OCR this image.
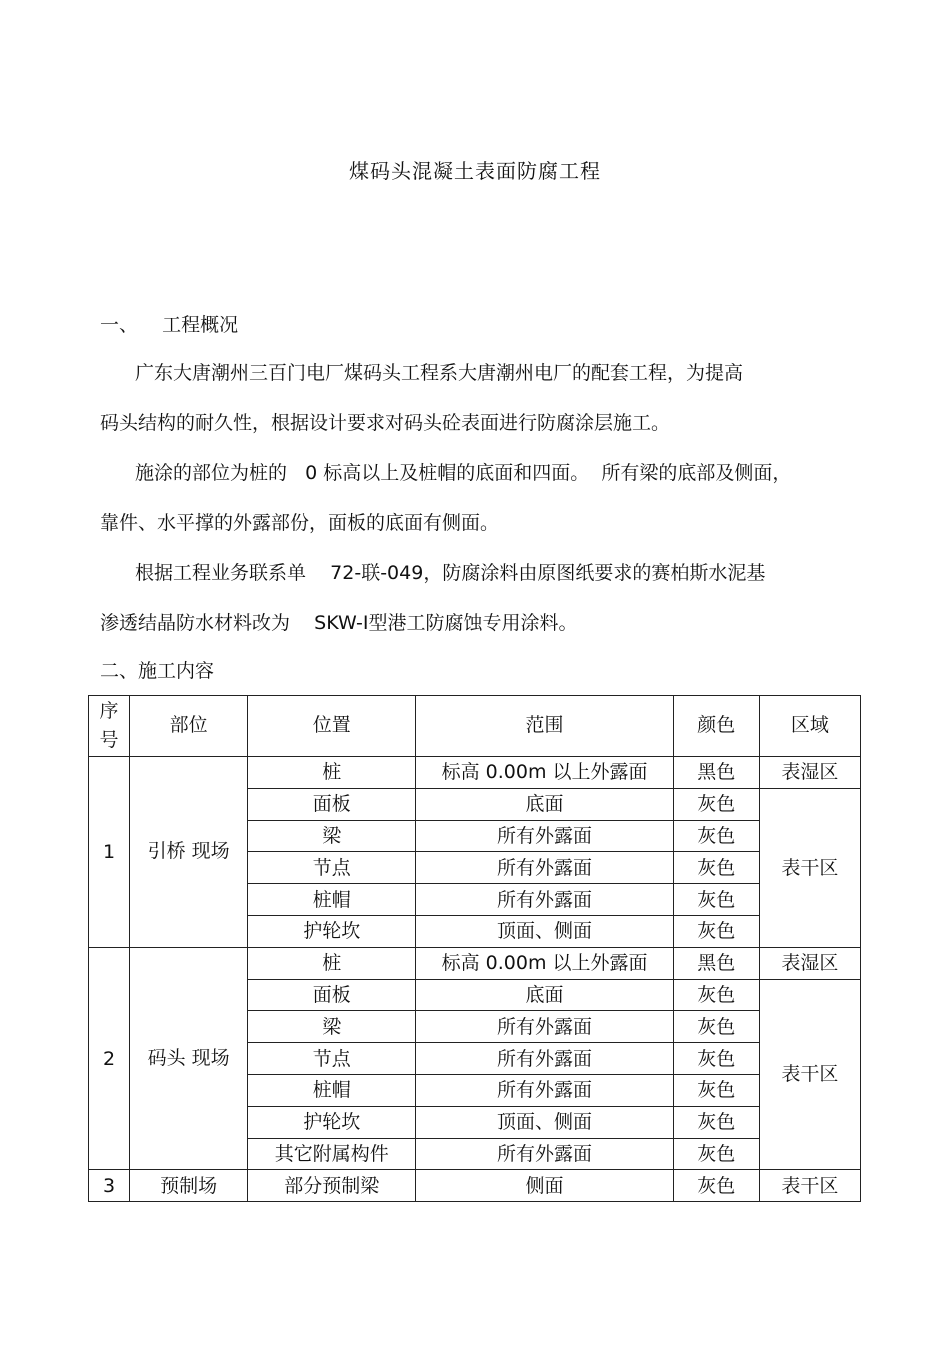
煤码头混凝土表面防腐工程
一、    工程概况
广东大唐潮州三百门电厂煤码头工程系大唐潮州电厂的配套工程，为提高
码头结构的耐久性，根据设计要求对码头砼表面进行防腐涂层施工。
施涂的部位为桩的   0 标高以上及桩帽的底面和四面。  所有梁的底部及侧面，
靠件、水平撑的外露部份，面板的底面有侧面。
根据工程业务联系单    72-联-049，防腐涂料由原图纸要求的赛柏斯水泥基
渗透结晶防水材料改为    SKW-Ⅰ型港工防腐蚀专用涂料。
二、施工内容
序号	部位	位置	范围	颜色	区域
1	引桥 现场	桩	标高 0.00m 以上外露面	黑色	表湿区
		面板	底面	灰色	表干区
		梁	所有外露面	灰色	
		节点	所有外露面	灰色	
		桩帽	所有外露面	灰色	
		护轮坎	顶面、侧面	灰色	
2	码头 现场	桩	标高 0.00m 以上外露面	黑色	表湿区
		面板	底面	灰色	表干区
		梁	所有外露面	灰色	
		节点	所有外露面	灰色	
		桩帽	所有外露面	灰色	
		护轮坎	顶面、侧面	灰色	
		其它附属构件	所有外露面	灰色	
3	预制场	部分预制梁	侧面	灰色	表干区
